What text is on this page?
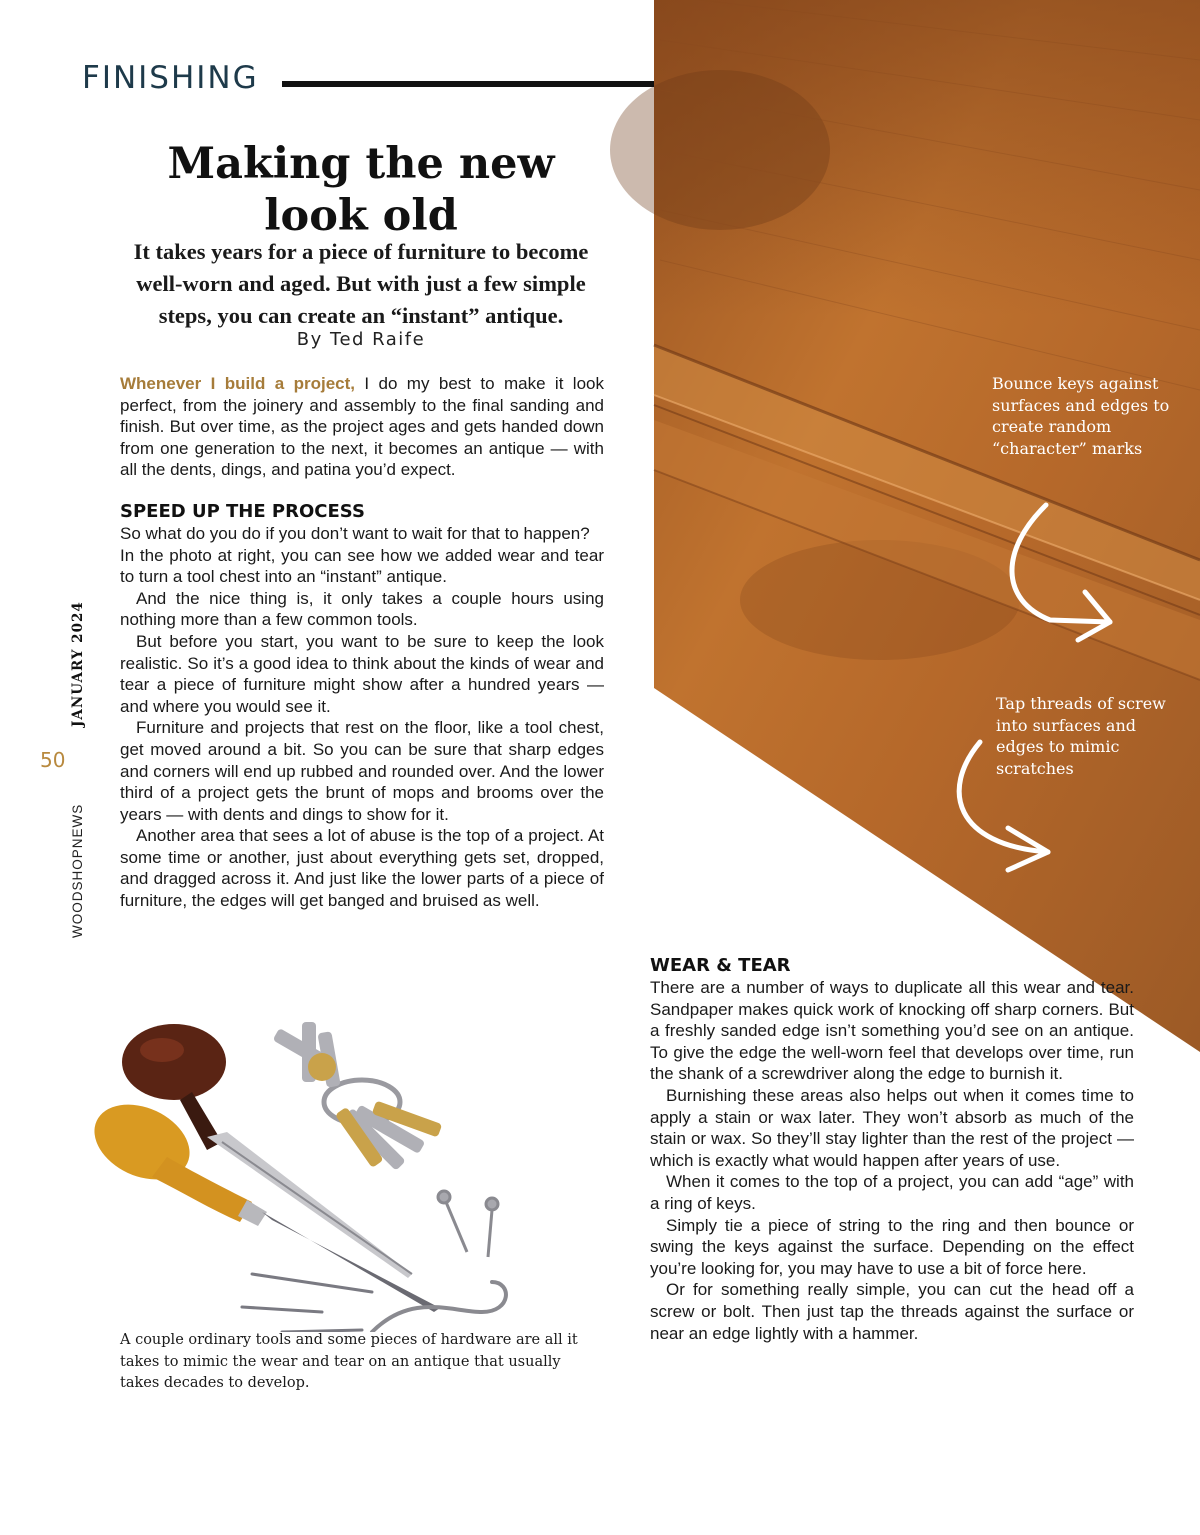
FINISHING
Making the new look old

It takes years for a piece of furniture to become well-worn and aged. But with just a few simple steps, you can create an “instant” antique.

By Ted Raife
JANUARY 2024
50
WOODSHOPNEWS

Whenever I build a project, I do my best to make it look perfect, from the joinery and assembly to the final sanding and finish. But over time, as the project ages and gets handed down from one generation to the next, it becomes an antique — with all the dents, dings, and patina you’d expect.

SPEED UP THE PROCESS

So what do you do if you don’t want to wait for that to happen?

In the photo at right, you can see how we added wear and tear to turn a tool chest into an “instant” antique.

And the nice thing is, it only takes a couple hours using nothing more than a few common tools.

But before you start, you want to be sure to keep the look realistic. So it’s a good idea to think about the kinds of wear and tear a piece of furniture might show after a hundred years — and where you would see it.

Furniture and projects that rest on the floor, like a tool chest, get moved around a bit. So you can be sure that sharp edges and corners will end up rubbed and rounded over. And the lower third of a project gets the brunt of mops and brooms over the years — with dents and dings to show for it.

Another area that sees a lot of abuse is the top of a project. At some time or another, just about everything gets set, dropped, and dragged across it. And just like the lower parts of a piece of furniture, the edges will get banged and bruised as well.

Bounce keys against surfaces and edges to create random “character” marks

Tap threads of screw into surfaces and edges to mimic scratches

WEAR & TEAR

There are a number of ways to duplicate all this wear and tear. Sandpaper makes quick work of knocking off sharp corners. But a freshly sanded edge isn’t something you’d see on an antique. To give the edge the well-worn feel that develops over time, run the shank of a screwdriver along the edge to burnish it.

Burnishing these areas also helps out when it comes time to apply a stain or wax later. They won’t absorb as much of the stain or wax. So they’ll stay lighter than the rest of the project — which is exactly what would happen after years of use.

When it comes to the top of a project, you can add “age” with a ring of keys.

Simply tie a piece of string to the ring and then bounce or swing the keys against the surface. Depending on the effect you’re looking for, you may have to use a bit of force here.

Or for something really simple, you can cut the head off a screw or bolt. Then just tap the threads against the surface or near an edge lightly with a hammer.

A couple ordinary tools and some pieces of hardware are all it takes to mimic the wear and tear on an antique that usually takes decades to develop.
